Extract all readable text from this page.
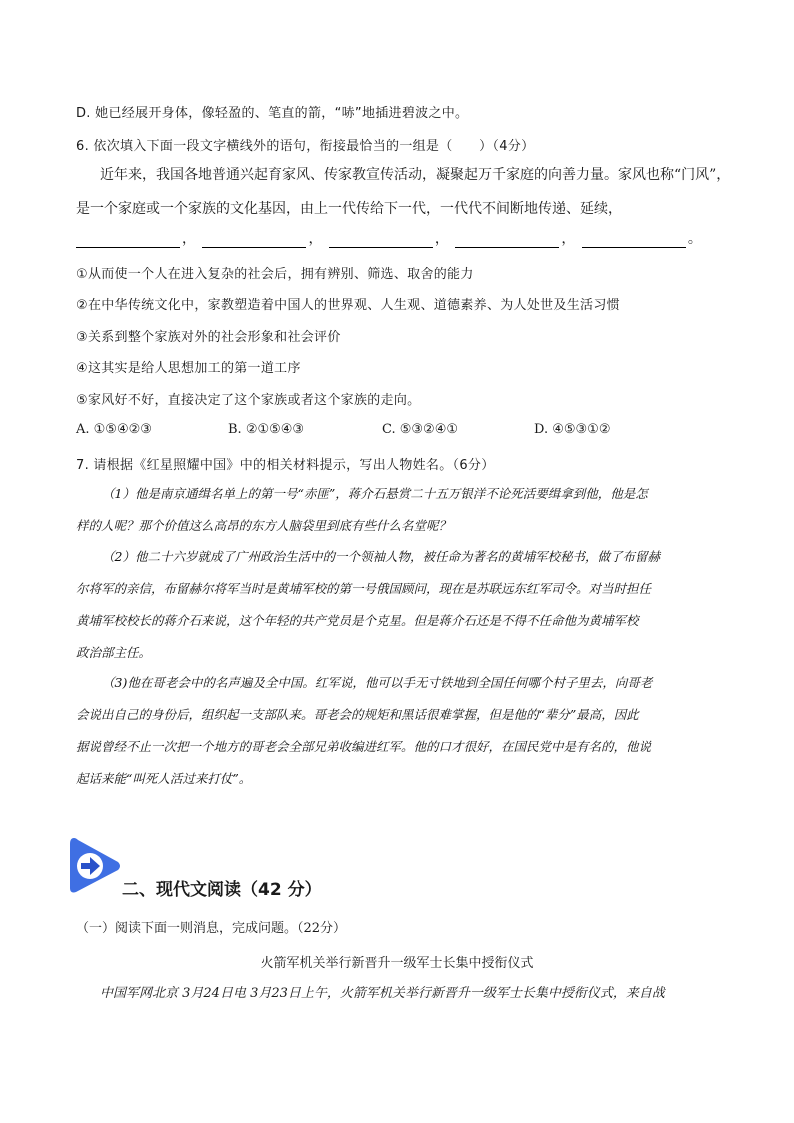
D. 她已经展开身体，像轻盈的、笔直的箭，“哧”地插进碧波之中。
6. 依次填入下面一段文字横线外的语句，衔接最恰当的一组是（　　）（4分）
近年来，我国各地普通兴起育家风、传家教宣传活动，凝聚起万千家庭的向善力量。家风也称“门风”，
是一个家庭或一个家族的文化基因，由上一代传给下一代，一代代不间断地传递、延续，
，	，	，	，	。
①从而使一个人在进入复杂的社会后，拥有辨别、筛选、取舍的能力
②在中华传统文化中，家教塑造着中国人的世界观、人生观、道德素养、为人处世及生活习惯
③关系到整个家族对外的社会形象和社会评价
④这其实是给人思想加工的第一道工序
⑤家风好不好，直接决定了这个家族或者这个家族的走向。
A. ①⑤④②③	B. ②①⑤④③	C. ⑤③②④①	D. ④⑤③①②
7. 请根据《红星照耀中国》中的相关材料提示，写出人物姓名。（6分）
（1）他是南京通缉名单上的第一号“赤匪”，蒋介石悬赏二十五万银洋不论死活要缉拿到他，他是怎
样的人呢？那个价值这么高昂的东方人脑袋里到底有些什么名堂呢？
（2）他二十六岁就成了广州政治生活中的一个领袖人物，被任命为著名的黄埔军校秘书，做了布留赫
尔将军的亲信，布留赫尔将军当时是黄埔军校的第一号俄国顾问，现在是苏联远东红军司令。对当时担任
黄埔军校校长的蒋介石来说，这个年轻的共产党员是个克星。但是蒋介石还是不得不任命他为黄埔军校
政治部主任。
（3)他在哥老会中的名声遍及全中国。红军说，他可以手无寸铁地到全国任何哪个村子里去，向哥老
会说出自己的身份后，组织起一支部队来。哥老会的规矩和黑话很难掌握，但是他的“辈分”最高，因此
据说曾经不止一次把一个地方的哥老会全部兄弟收编进红军。他的口才很好，在国民党中是有名的，他说
起话来能“叫死人活过来打仗”。
二、现代文阅读（42 分）
（一）阅读下面一则消息，完成问题。（22分）
火箭军机关举行新晋升一级军士长集中授衔仪式
中国军网北京 3月24日电 3月23日上午，火箭军机关举行新晋升一级军士长集中授衔仪式，来自战
